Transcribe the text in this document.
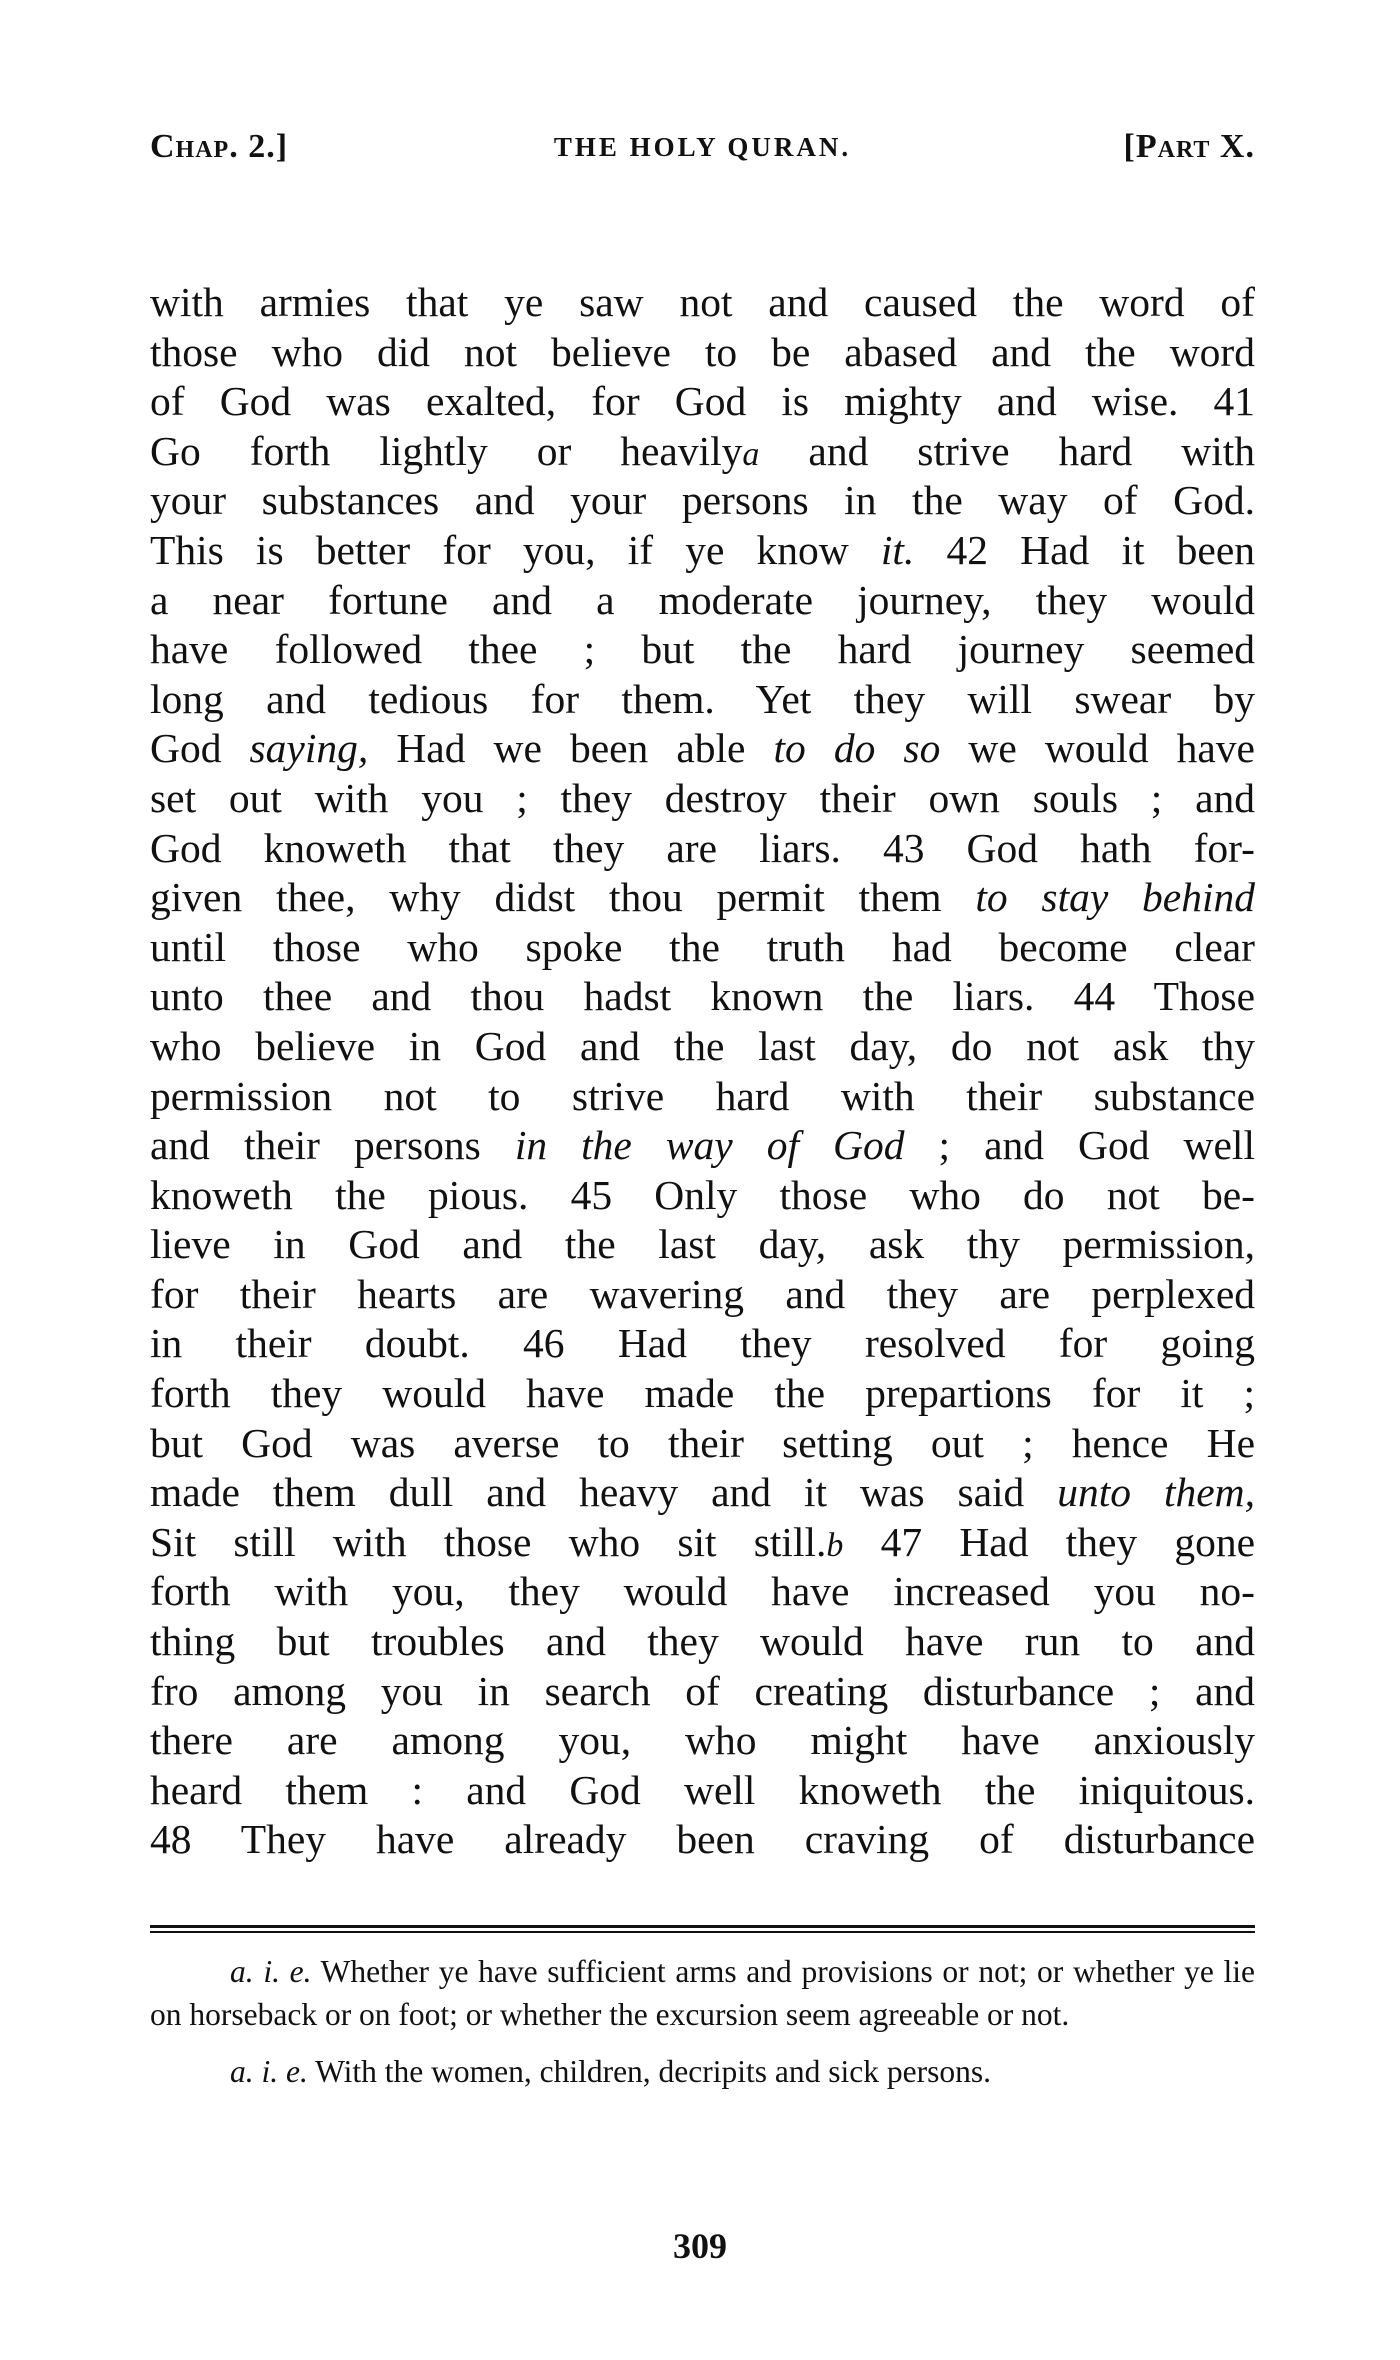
Chap. 2.]	THE HOLY QURAN.	[Part X.
with armies that ye saw not and caused the word of
those who did not believe to be abased and the word
of God was exalted, for God is mighty and wise. 41
Go forth lightly or heavilya and strive hard with
your substances and your persons in the way of God.
This is better for you, if ye know it. 42 Had it been
a near fortune and a moderate journey, they would
have followed thee ; but the hard journey seemed
long and tedious for them. Yet they will swear by
God saying, Had we been able to do so we would have
set out with you ; they destroy their own souls ; and
God knoweth that they are liars. 43 God hath for-
given thee, why didst thou permit them to stay behind
until those who spoke the truth had become clear
unto thee and thou hadst known the liars. 44 Those
who believe in God and the last day, do not ask thy
permission not to strive hard with their substance
and their persons in the way of God ; and God well
knoweth the pious. 45 Only those who do not be-
lieve in God and the last day, ask thy permission,
for their hearts are wavering and they are perplexed
in their doubt. 46 Had they resolved for going
forth they would have made the prepartions for it ;
but God was averse to their setting out ; hence He
made them dull and heavy and it was said unto them,
Sit still with those who sit still.b 47 Had they gone
forth with you, they would have increased you no-
thing but troubles and they would have run to and
fro among you in search of creating disturbance ; and
there are among you, who might have anxiously
heard them : and God well knoweth the iniquitous.
48 They have already been craving of disturbance

a. i. e. Whether ye have sufficient arms and provisions or not; or whether ye lie on horseback or on foot; or whether the excursion seem agreeable or not.

a. i. e. With the women, children, decripits and sick persons.

309
